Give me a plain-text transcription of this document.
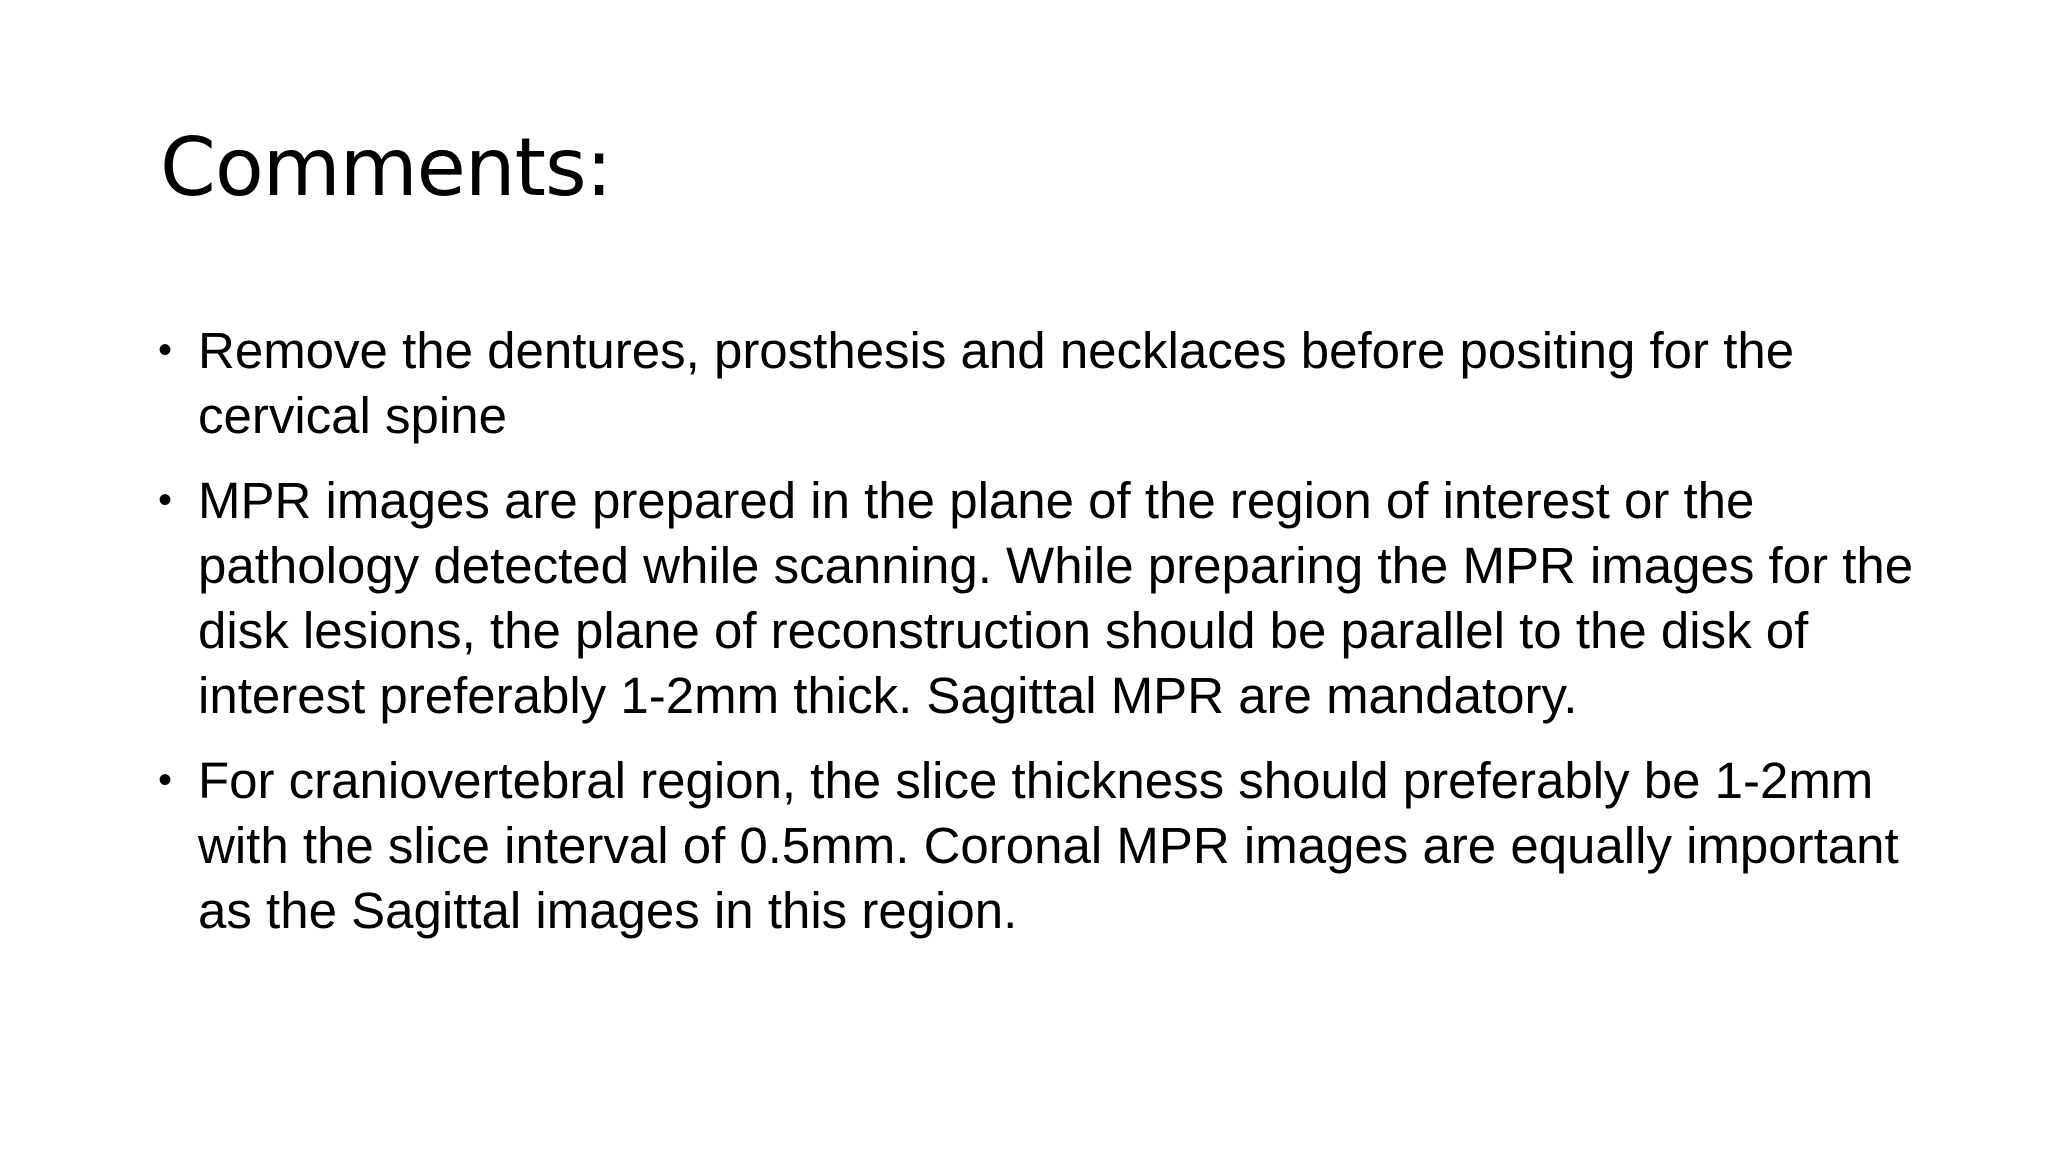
Comments:
• Remove the dentures, prosthesis and necklaces before positing for the cervical spine
• MPR images are prepared in the plane of the region of interest or the pathology detected while scanning. While preparing the MPR images for the disk lesions, the plane of reconstruction should be parallel to the disk of interest preferably 1-2mm thick. Sagittal MPR are mandatory.
• For craniovertebral region, the slice thickness should preferably be 1-2mm with the slice interval of 0.5mm. Coronal MPR images are equally important as the Sagittal images in this region.
